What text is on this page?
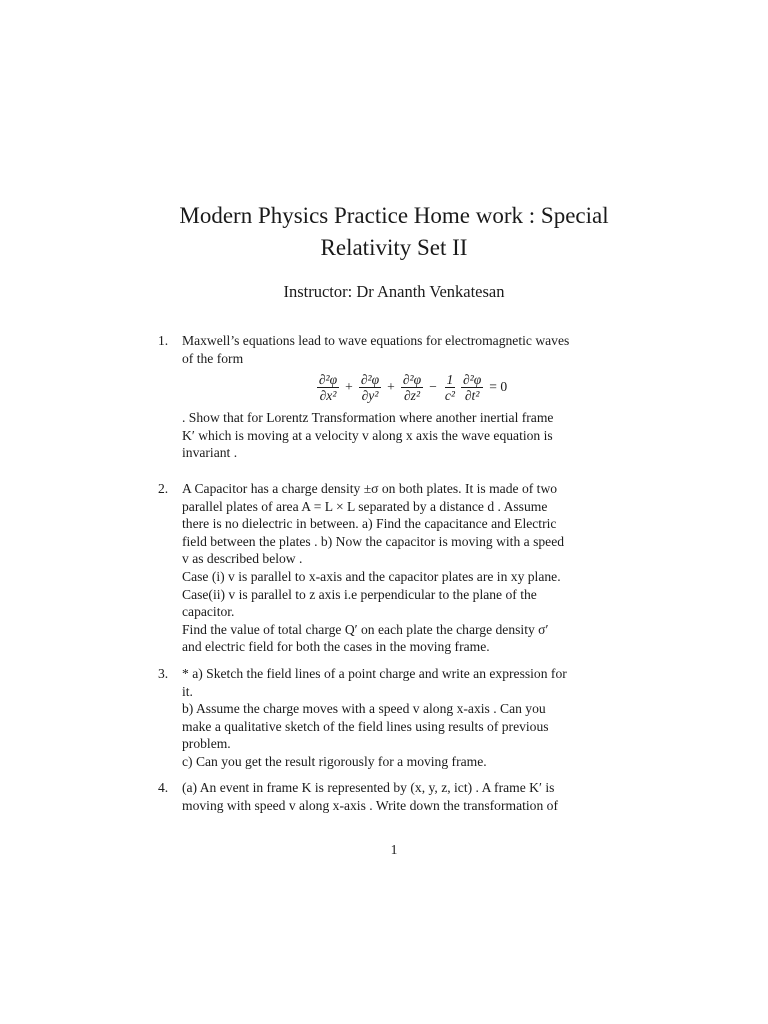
Modern Physics Practice Home work : Special
Relativity Set II
Instructor: Dr Ananth Venkatesan
1. Maxwell’s equations lead to wave equations for electromagnetic waves
of the form
$\frac{\text{∂²φ}}{\text{∂x²}} + \frac{\text{∂²φ}}{\text{∂y²}} + \frac{\text{∂²φ}}{\text{∂z²}} - \frac{1}{\text{c²}} \frac{\text{∂²φ}}{\text{∂t²}} = 0$
. Show that for Lorentz Transformation where another inertial frame
K′ which is moving at a velocity v along x axis the wave equation is
invariant .
2. A Capacitor has a charge density ±σ on both plates. It is made of two
parallel plates of area A = L × L separated by a distance d . Assume
there is no dielectric in between. a) Find the capacitance and Electric
field between the plates . b) Now the capacitor is moving with a speed
v as described below .
Case (i) v is parallel to x-axis and the capacitor plates are in xy plane.
Case(ii) v is parallel to z axis i.e perpendicular to the plane of the
capacitor.
Find the value of total charge Q′ on each plate the charge density σ′
and electric field for both the cases in the moving frame.
3. * a) Sketch the field lines of a point charge and write an expression for
it.
b) Assume the charge moves with a speed v along x-axis . Can you
make a qualitative sketch of the field lines using results of previous
problem.
c) Can you get the result rigorously for a moving frame.
4. (a) An event in frame K is represented by (x, y, z, ict) . A frame K′ is
moving with speed v along x-axis . Write down the transformation of
1
